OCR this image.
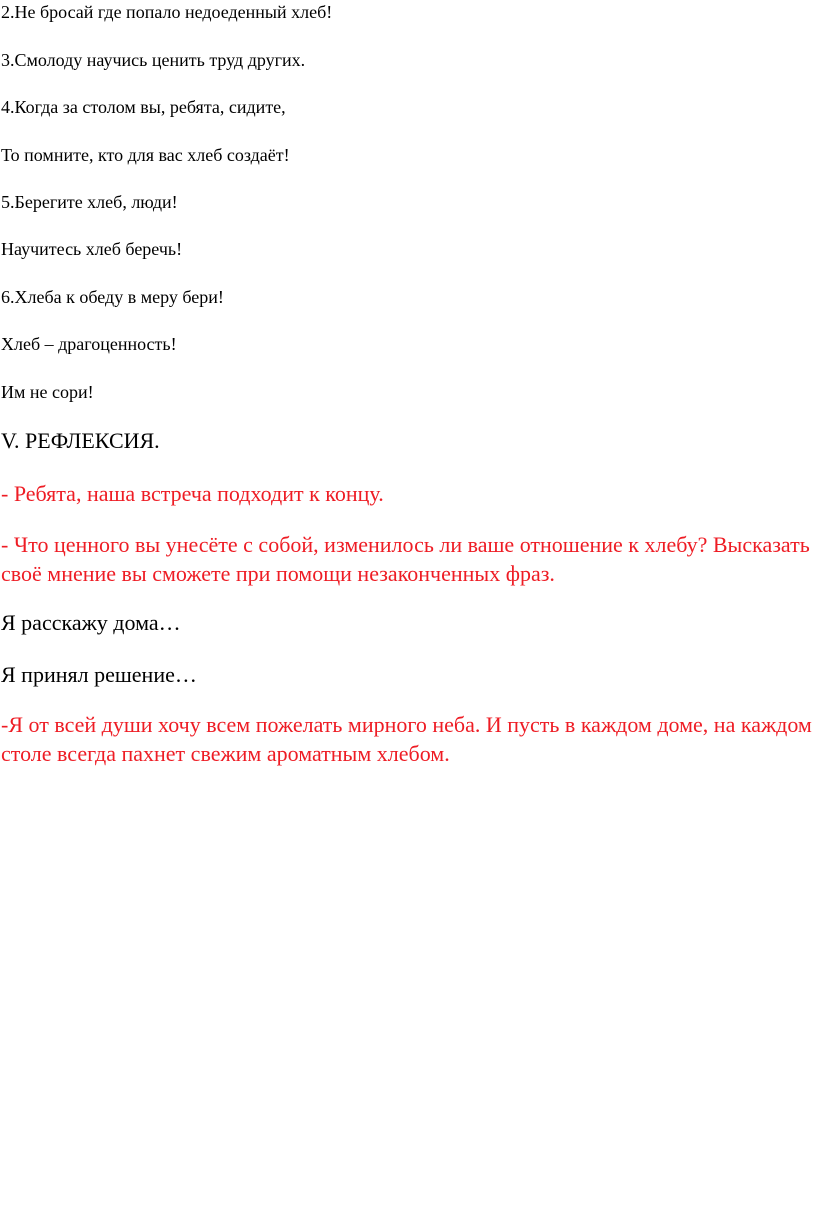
2.Не бросай где попало недоеденный хлеб!

3.Смолоду научись ценить труд других.

4.Когда за столом вы, ребята, сидите,

То помните, кто для вас хлеб создаёт!

5.Берегите хлеб, люди!

Научитесь хлеб беречь!

6.Хлеба к обеду в меру бери!

Хлеб – драгоценность!

Им не сори!

V. РЕФЛЕКСИЯ.

- Ребята, наша встреча подходит к концу.

- Что ценного вы унесёте с собой, изменилось ли ваше отношение к хлебу? Высказать своё мнение вы сможете при помощи незаконченных фраз.

Я расскажу дома…

Я принял решение…

-Я от всей души хочу всем пожелать мирного неба. И пусть в каждом доме, на каждом столе всегда пахнет свежим ароматным хлебом.
